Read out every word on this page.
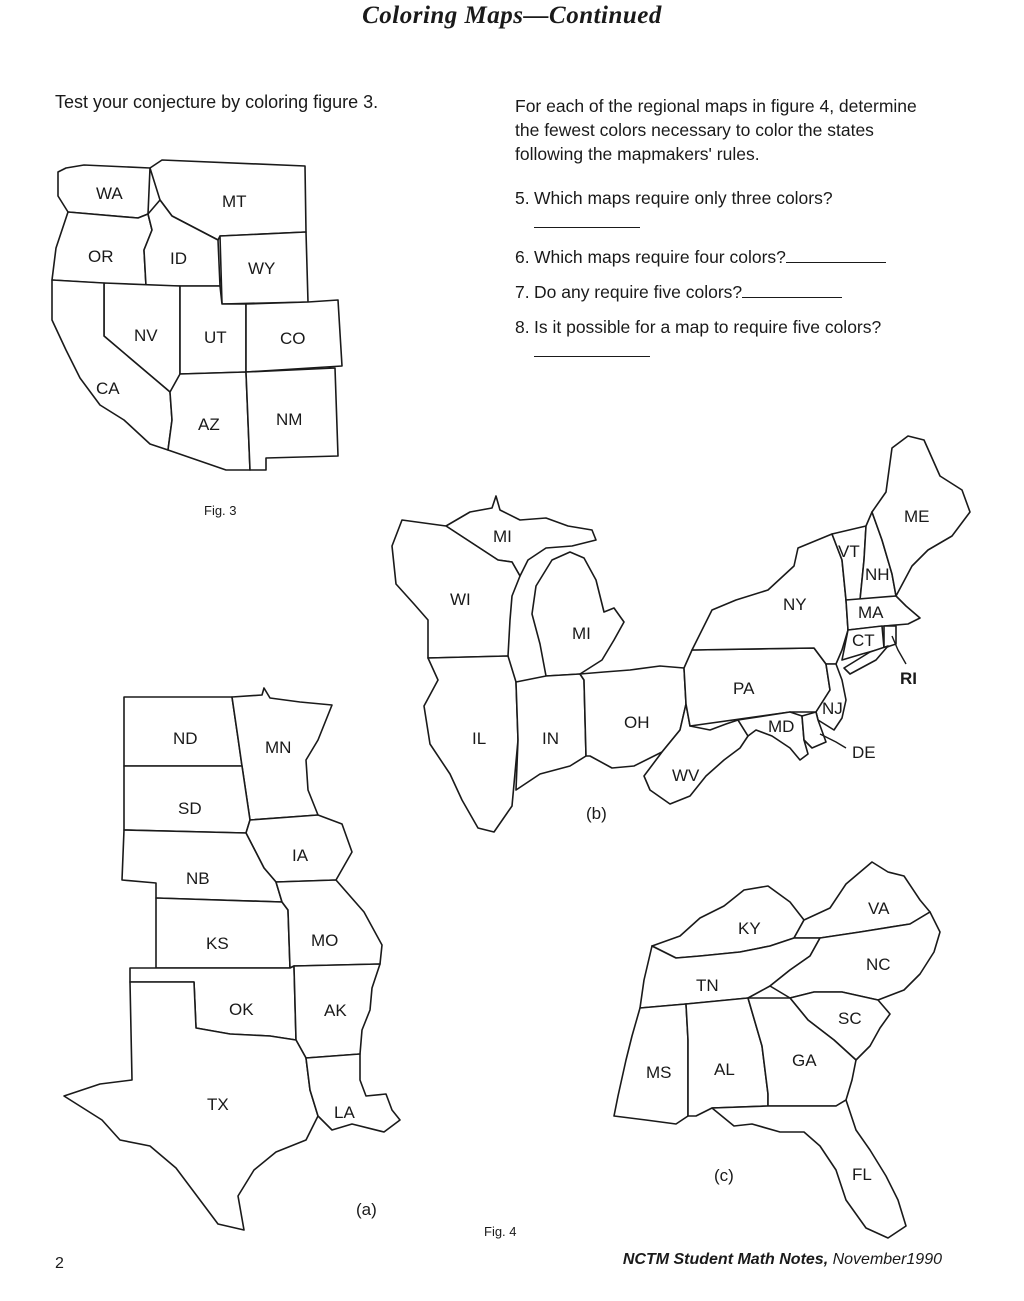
Coloring Maps—Continued
Test your conjecture by coloring figure 3.	For each of the regional maps in figure 4, determine the fewest colors necessary to color the states following the mapmakers' rules.
5. Which maps require only three colors?
6. Which maps require four colors?
7. Do any require five colors?
8. Is it possible for a map to require five colors?
WA	MT
OR	ID
WY
NV	UT	CO
CA
AZ	NM
Fig. 3
ND	MN
SD
IA
NB
KS	MO
OK	AK
TX	LA
(a)
MI
WI
MI
IL	IN
OH
WV
PA
MD
NY
VT
NH
ME
MA
CT
NJ
RI
DE
(b)
KY
VA
TN
NC
SC
MS	AL	GA
FL
(c)
Fig. 4
2	NCTM Student Math Notes, November1990
